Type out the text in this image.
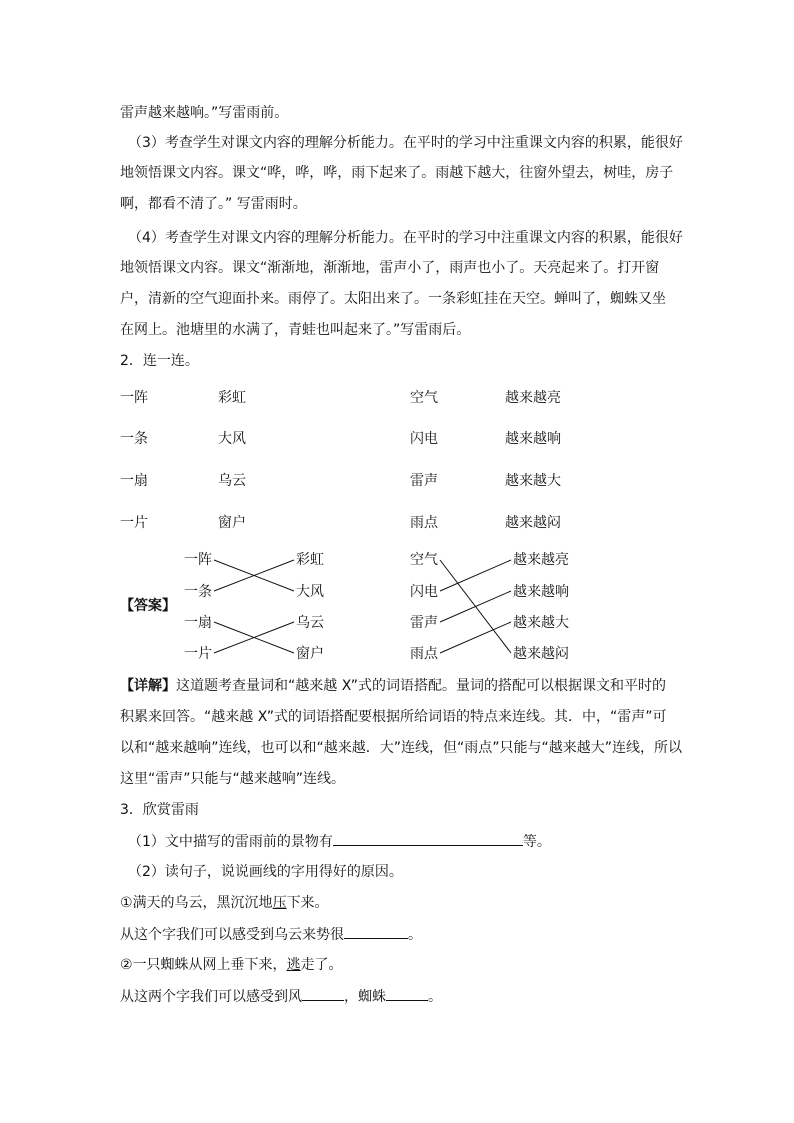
雷声越来越响。”写雷雨前。
（3）考查学生对课文内容的理解分析能力。在平时的学习中注重课文内容的积累，能很好
地领悟课文内容。课文“哗，哗，哗，雨下起来了。雨越下越大，往窗外望去，树哇，房子
啊，都看不清了。” 写雷雨时。
（4）考查学生对课文内容的理解分析能力。在平时的学习中注重课文内容的积累，能很好
地领悟课文内容。课文“渐渐地，渐渐地，雷声小了，雨声也小了。天亮起来了。打开窗
户，清新的空气迎面扑来。雨停了。太阳出来了。一条彩虹挂在天空。蝉叫了，蜘蛛又坐
在网上。池塘里的水满了，青蛙也叫起来了。”写雷雨后。
2．连一连。
一阵	彩虹	空气	越来越亮
一条	大风	闪电	越来越响
一扇	乌云	雷声	越来越大
一片	窗户	雨点	越来越闷
【答案】
一阵
一条
一扇
一片
彩虹
大风
乌云
窗户
空气
闪电
雷声
雨点
越来越亮
越来越响
越来越大
越来越闷
【详解】这道题考查量词和“越来越 X”式的词语搭配。量词的搭配可以根据课文和平时的
积累来回答。“越来越 X”式的词语搭配要根据所给词语的特点来连线。其．中，“雷声”可
以和“越来越响”连线，也可以和“越来越．大”连线，但“雨点”只能与“越来越大”连线，所以
这里“雷声”只能与“越来越响”连线。
3．欣赏雷雨
（1）文中描写的雷雨前的景物有	等。
（2）读句子，说说画线的字用得好的原因。
①满天的乌云，黑沉沉地压下来。
从这个字我们可以感受到乌云来势很	。
②一只蜘蛛从网上垂下来，逃走了。
从这两个字我们可以感受到风	，蜘蛛	。
